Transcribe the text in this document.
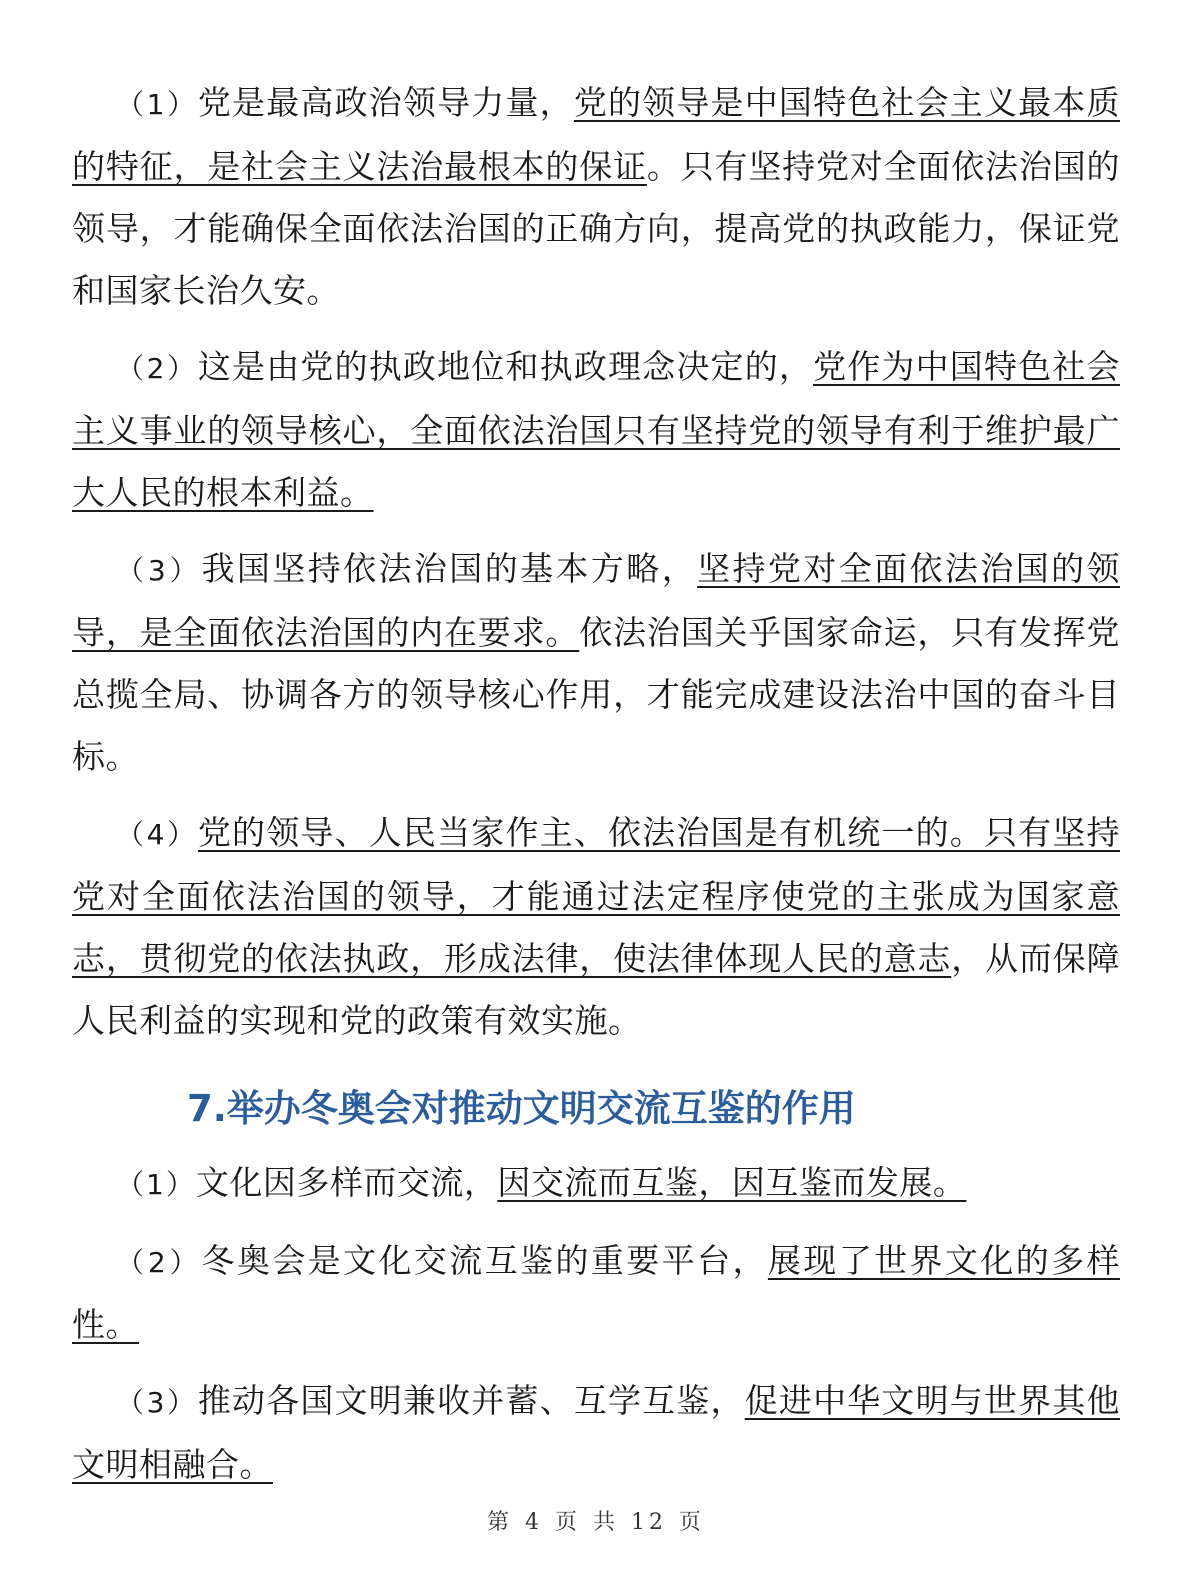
（1）党是最高政治领导力量，党的领导是中国特色社会主义最本质的特征，是社会主义法治最根本的保证。只有坚持党对全面依法治国的领导，才能确保全面依法治国的正确方向，提高党的执政能力，保证党和国家长治久安。

（2）这是由党的执政地位和执政理念决定的，党作为中国特色社会主义事业的领导核心，全面依法治国只有坚持党的领导有利于维护最广大人民的根本利益。

（3）我国坚持依法治国的基本方略，坚持党对全面依法治国的领导，是全面依法治国的内在要求。依法治国关乎国家命运，只有发挥党总揽全局、协调各方的领导核心作用，才能完成建设法治中国的奋斗目标。

（4）党的领导、人民当家作主、依法治国是有机统一的。只有坚持党对全面依法治国的领导，才能通过法定程序使党的主张成为国家意志，贯彻党的依法执政，形成法律，使法律体现人民的意志，从而保障人民利益的实现和党的政策有效实施。

7.举办冬奥会对推动文明交流互鉴的作用

（1）文化因多样而交流，因交流而互鉴，因互鉴而发展。

（2）冬奥会是文化交流互鉴的重要平台，展现了世界文化的多样性。

（3）推动各国文明兼收并蓄、互学互鉴，促进中华文明与世界其他文明相融合。

第 4 页 共 12 页
